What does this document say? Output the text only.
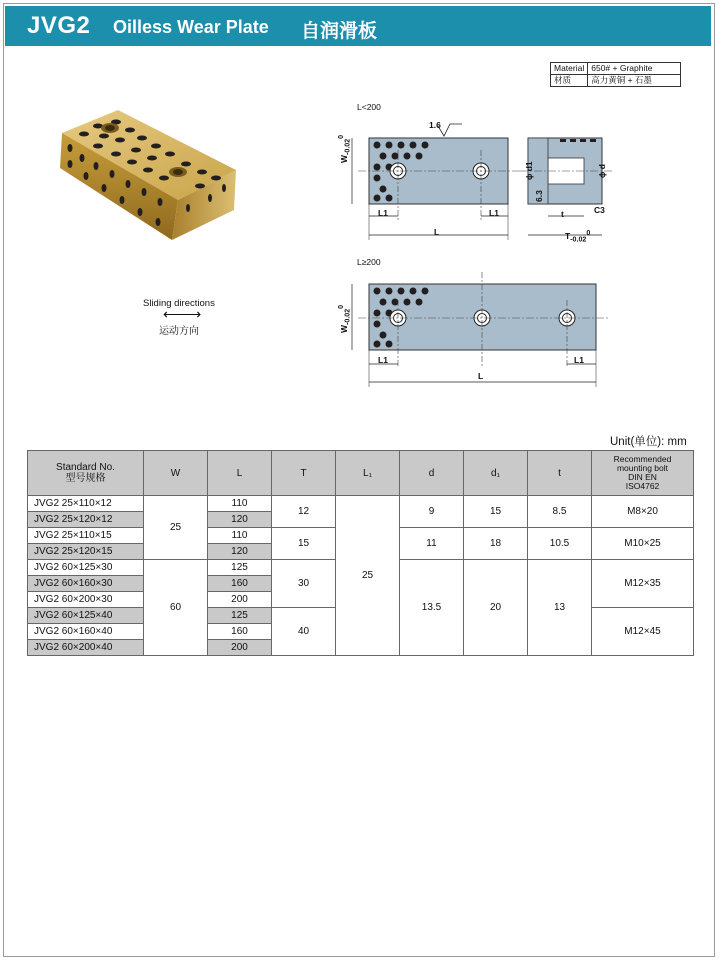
JVG2 Oilless Wear Plate 自润滑板
Material	650# + Graphite
材质	高力黄铜 + 石墨
Sliding directions
⟵⟶
运动方向
L<200
1.6
$W_{-0.02}^0$
L1	L1
L
ϕ d1	ϕ d
6.3
t	C3
$T_{-0.02}^0$
L≥200
$W_{-0.02}^0$
L1	L1
L
Unit(单位): mm
Standard No.
型号规格	W	L	T	L₁	d	d₁	t	Recommended
mounting bolt
DIN EN
ISO4762
JVG2 25×110×12	25	110	12	25	9	15	8.5	M8×20
JVG2 25×120×12		120						
JVG2 25×110×15		110	15		11	18	10.5	M10×25
JVG2 25×120×15		120						
JVG2 60×125×30	60	125	30		13.5	20	13	M12×35
JVG2 60×160×30		160						
JVG2 60×200×30		200						
JVG2 60×125×40		125	40					M12×45
JVG2 60×160×40		160						
JVG2 60×200×40		200						
